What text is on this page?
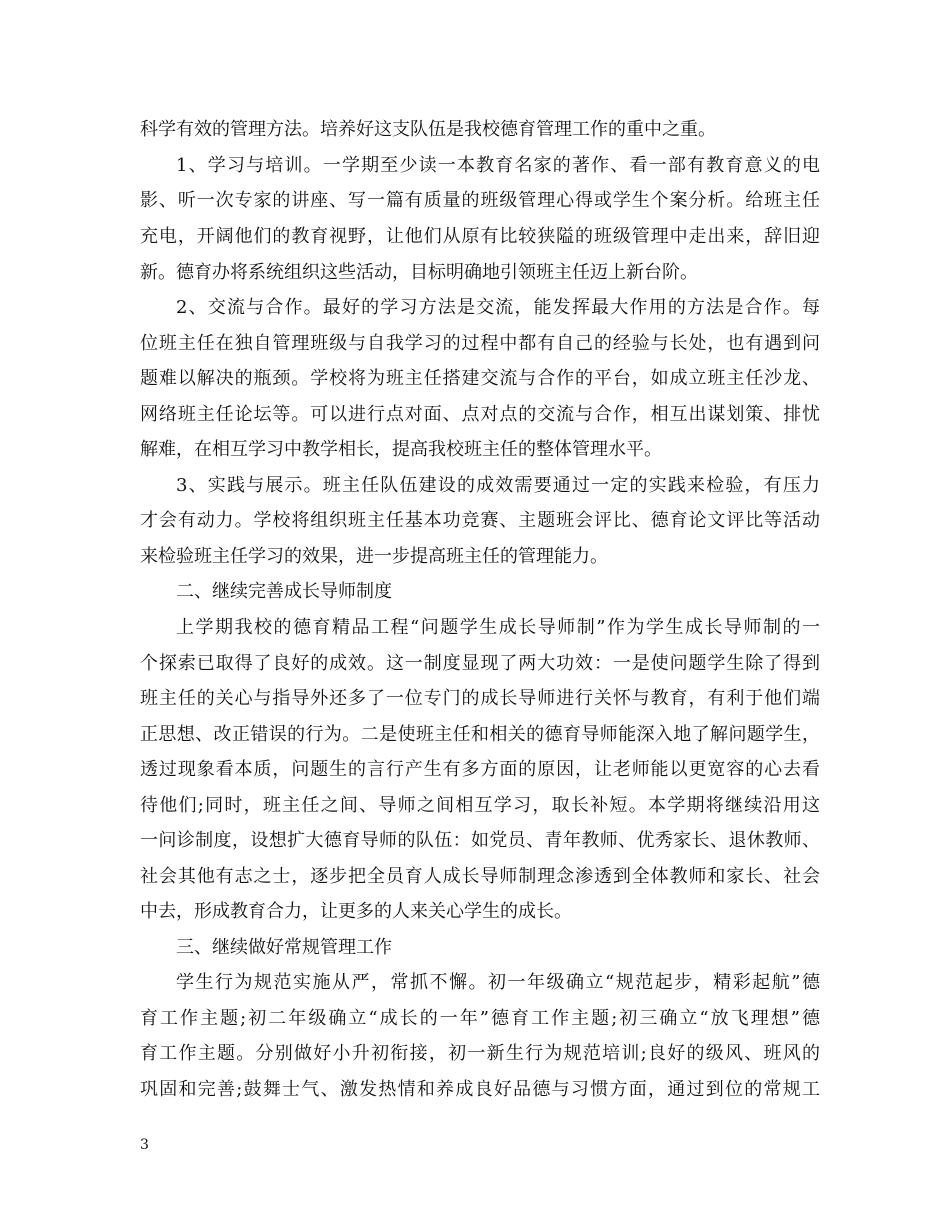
科学有效的管理方法。培养好这支队伍是我校德育管理工作的重中之重。
1、学习与培训。一学期至少读一本教育名家的著作、看一部有教育意义的电
影、听一次专家的讲座、写一篇有质量的班级管理心得或学生个案分析。给班主任
充电，开阔他们的教育视野，让他们从原有比较狭隘的班级管理中走出来，辞旧迎
新。德育办将系统组织这些活动，目标明确地引领班主任迈上新台阶。
2、交流与合作。最好的学习方法是交流，能发挥最大作用的方法是合作。每
位班主任在独自管理班级与自我学习的过程中都有自己的经验与长处，也有遇到问
题难以解决的瓶颈。学校将为班主任搭建交流与合作的平台，如成立班主任沙龙、
网络班主任论坛等。可以进行点对面、点对点的交流与合作，相互出谋划策、排忧
解难，在相互学习中教学相长，提高我校班主任的整体管理水平。
3、实践与展示。班主任队伍建设的成效需要通过一定的实践来检验，有压力
才会有动力。学校将组织班主任基本功竞赛、主题班会评比、德育论文评比等活动
来检验班主任学习的效果，进一步提高班主任的管理能力。
二、继续完善成长导师制度
上学期我校的德育精品工程“问题学生成长导师制”作为学生成长导师制的一
个探索已取得了良好的成效。这一制度显现了两大功效：一是使问题学生除了得到
班主任的关心与指导外还多了一位专门的成长导师进行关怀与教育，有利于他们端
正思想、改正错误的行为。二是使班主任和相关的德育导师能深入地了解问题学生，
透过现象看本质，问题生的言行产生有多方面的原因，让老师能以更宽容的心去看
待他们;同时，班主任之间、导师之间相互学习，取长补短。本学期将继续沿用这
一问诊制度，设想扩大德育导师的队伍：如党员、青年教师、优秀家长、退休教师、
社会其他有志之士，逐步把全员育人成长导师制理念渗透到全体教师和家长、社会
中去，形成教育合力，让更多的人来关心学生的成长。
三、继续做好常规管理工作
学生行为规范实施从严，常抓不懈。初一年级确立“规范起步，精彩起航”德
育工作主题;初二年级确立“成长的一年”德育工作主题;初三确立“放飞理想”德
育工作主题。分别做好小升初衔接，初一新生行为规范培训;良好的级风、班风的
巩固和完善;鼓舞士气、激发热情和养成良好品德与习惯方面，通过到位的常规工
3
